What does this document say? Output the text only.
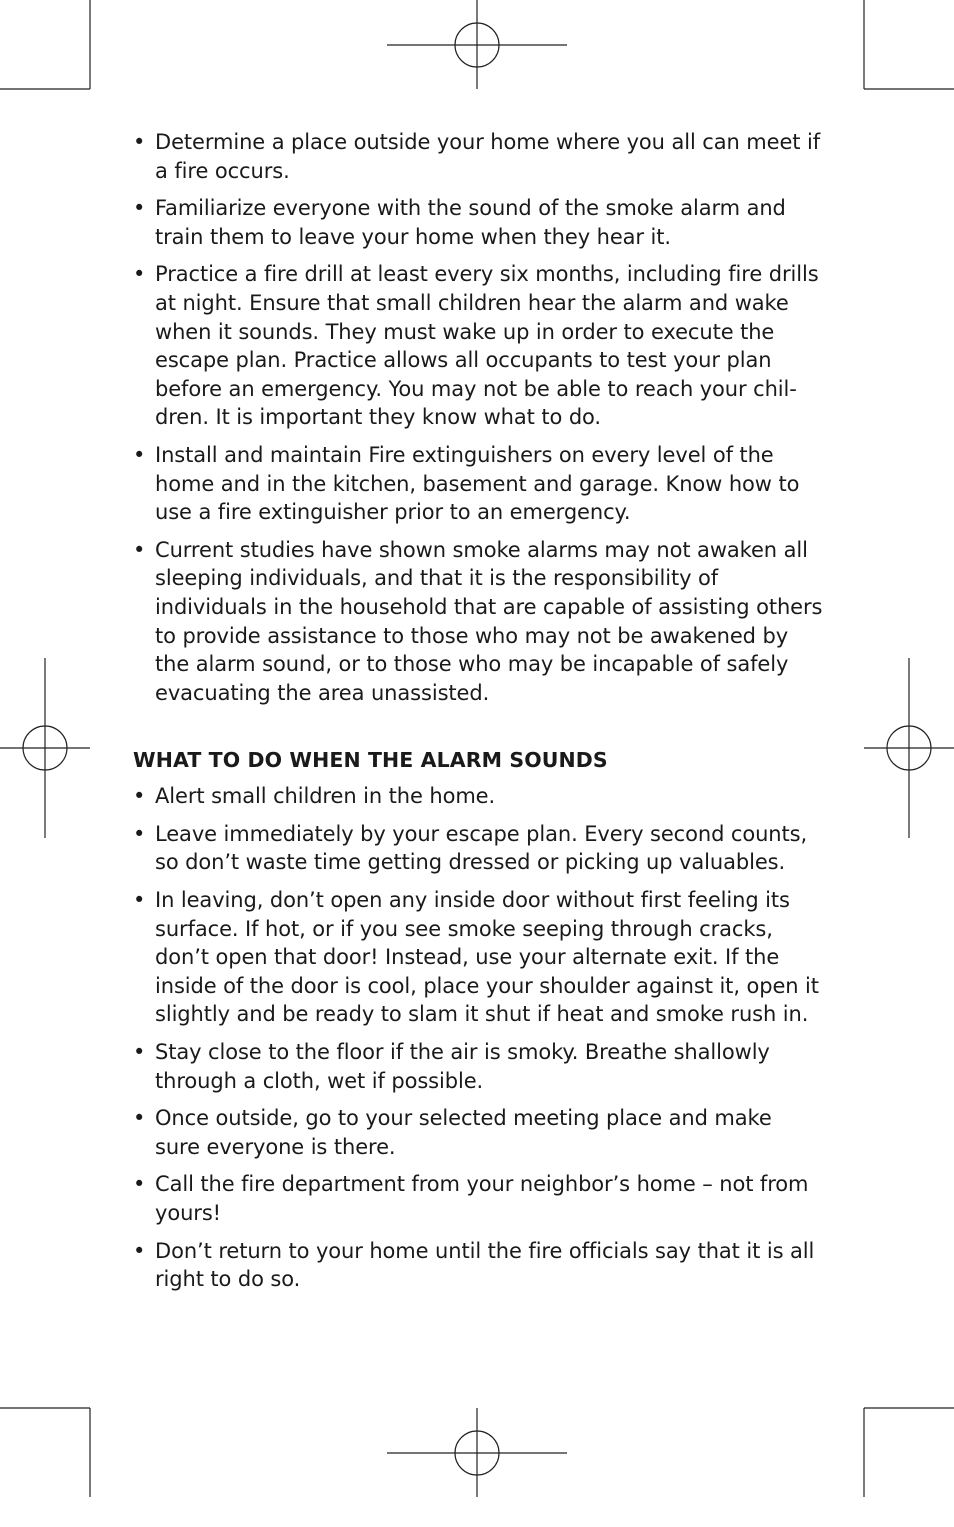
• Determine a place outside your home where you all can meet if a fire occurs.
• Familiarize everyone with the sound of the smoke alarm and train them to leave your home when they hear it.
• Practice a fire drill at least every six months, including fire drills at night. Ensure that small children hear the alarm and wake when it sounds. They must wake up in order to execute the escape plan. Practice allows all occupants to test your plan before an emergency. You may not be able to reach your chil-dren. It is important they know what to do.
• Install and maintain Fire extinguishers on every level of the home and in the kitchen, basement and garage. Know how to use a fire extinguisher prior to an emergency.
• Current studies have shown smoke alarms may not awaken all sleeping individuals, and that it is the responsibility of individuals in the household that are capable of assisting others to provide assistance to those who may not be awakened by the alarm sound, or to those who may be incapable of safely evacuating the area unassisted.
WHAT TO DO WHEN THE ALARM SOUNDS
• Alert small children in the home.
• Leave immediately by your escape plan. Every second counts, so don’t waste time getting dressed or picking up valuables.
• In leaving, don’t open any inside door without first feeling its surface. If hot, or if you see smoke seeping through cracks, don’t open that door! Instead, use your alternate exit. If the inside of the door is cool, place your shoulder against it, open it slightly and be ready to slam it shut if heat and smoke rush in.
• Stay close to the floor if the air is smoky. Breathe shallowly through a cloth, wet if possible.
• Once outside, go to your selected meeting place and make sure everyone is there.
• Call the fire department from your neighbor’s home – not from yours!
• Don’t return to your home until the fire officials say that it is all right to do so.
